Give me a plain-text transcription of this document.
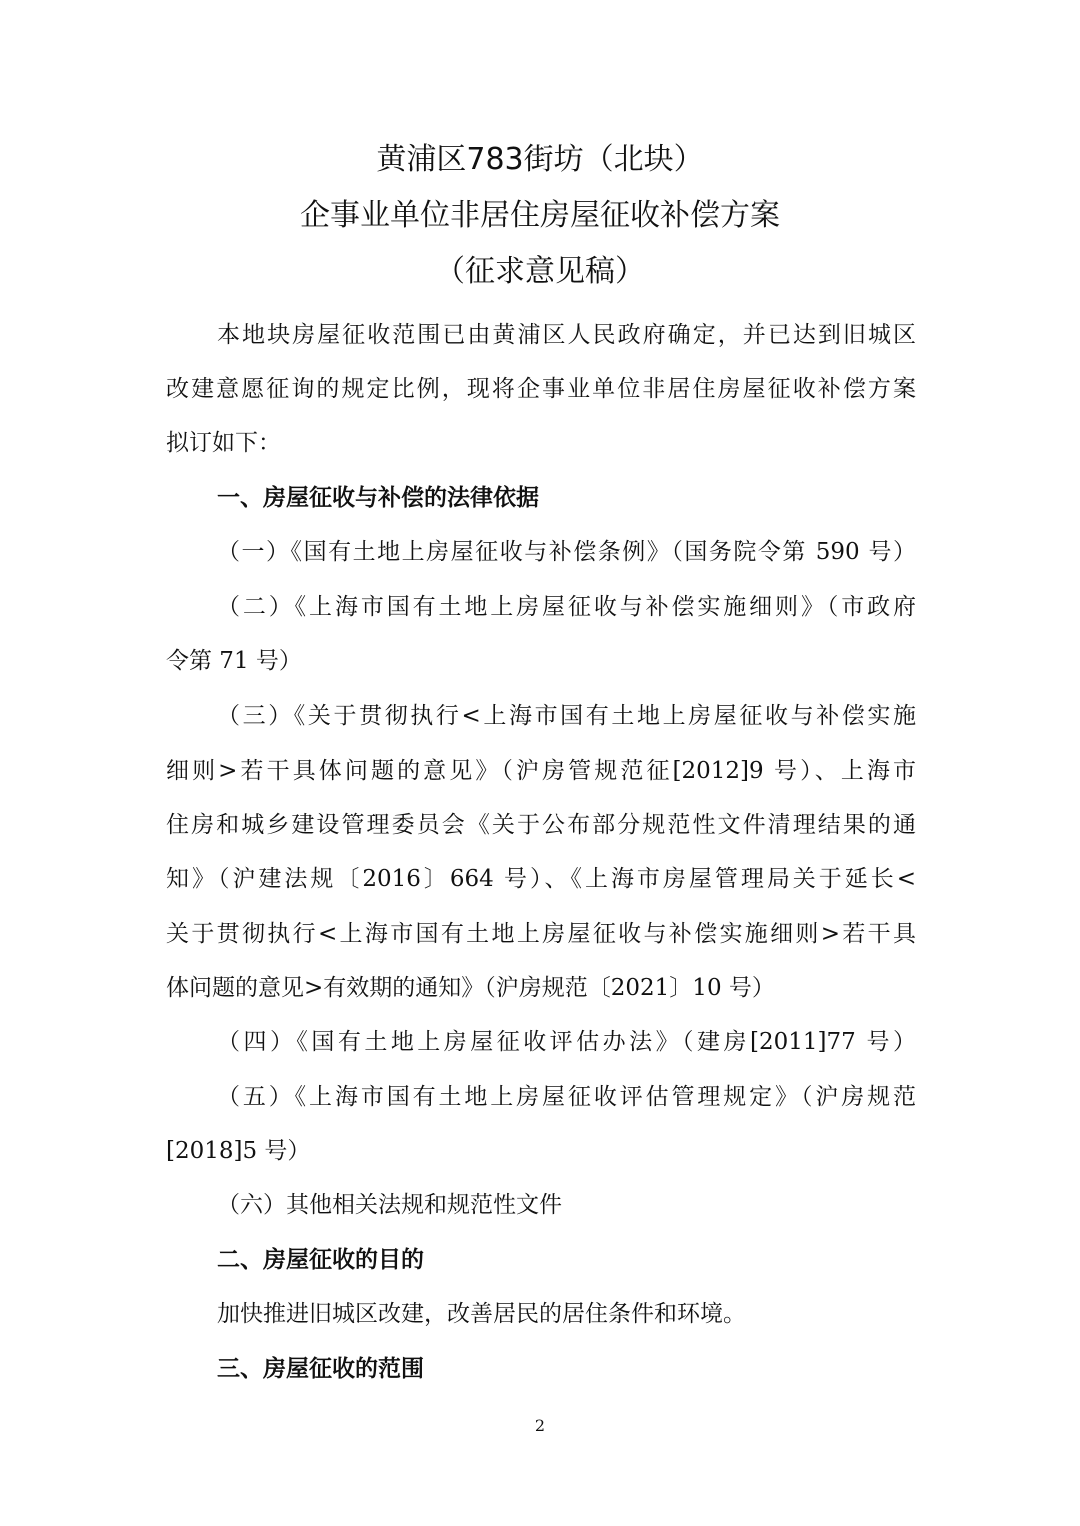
黄浦区783街坊（北块）
企事业单位非居住房屋征收补偿方案
（征求意见稿）
本地块房屋征收范围已由黄浦区人民政府确定，并已达到旧城区
改建意愿征询的规定比例，现将企事业单位非居住房屋征收补偿方案
拟订如下：
一、房屋征收与补偿的法律依据
（一）《国有土地上房屋征收与补偿条例》（国务院令第 590 号）
（二）《上海市国有土地上房屋征收与补偿实施细则》（市政府
令第 71 号）
（三）《关于贯彻执行<上海市国有土地上房屋征收与补偿实施
细则>若干具体问题的意见》（沪房管规范征[2012]9 号）、上海市
住房和城乡建设管理委员会《关于公布部分规范性文件清理结果的通
知》（沪建法规〔2016〕664 号）、《上海市房屋管理局关于延长<
关于贯彻执行<上海市国有土地上房屋征收与补偿实施细则>若干具
体问题的意见>有效期的通知》（沪房规范〔2021〕10 号）
（四）《国有土地上房屋征收评估办法》（建房[2011]77 号）
（五）《上海市国有土地上房屋征收评估管理规定》（沪房规范
[2018]5 号）
（六）其他相关法规和规范性文件
二、房屋征收的目的
加快推进旧城区改建，改善居民的居住条件和环境。
三、房屋征收的范围
2
